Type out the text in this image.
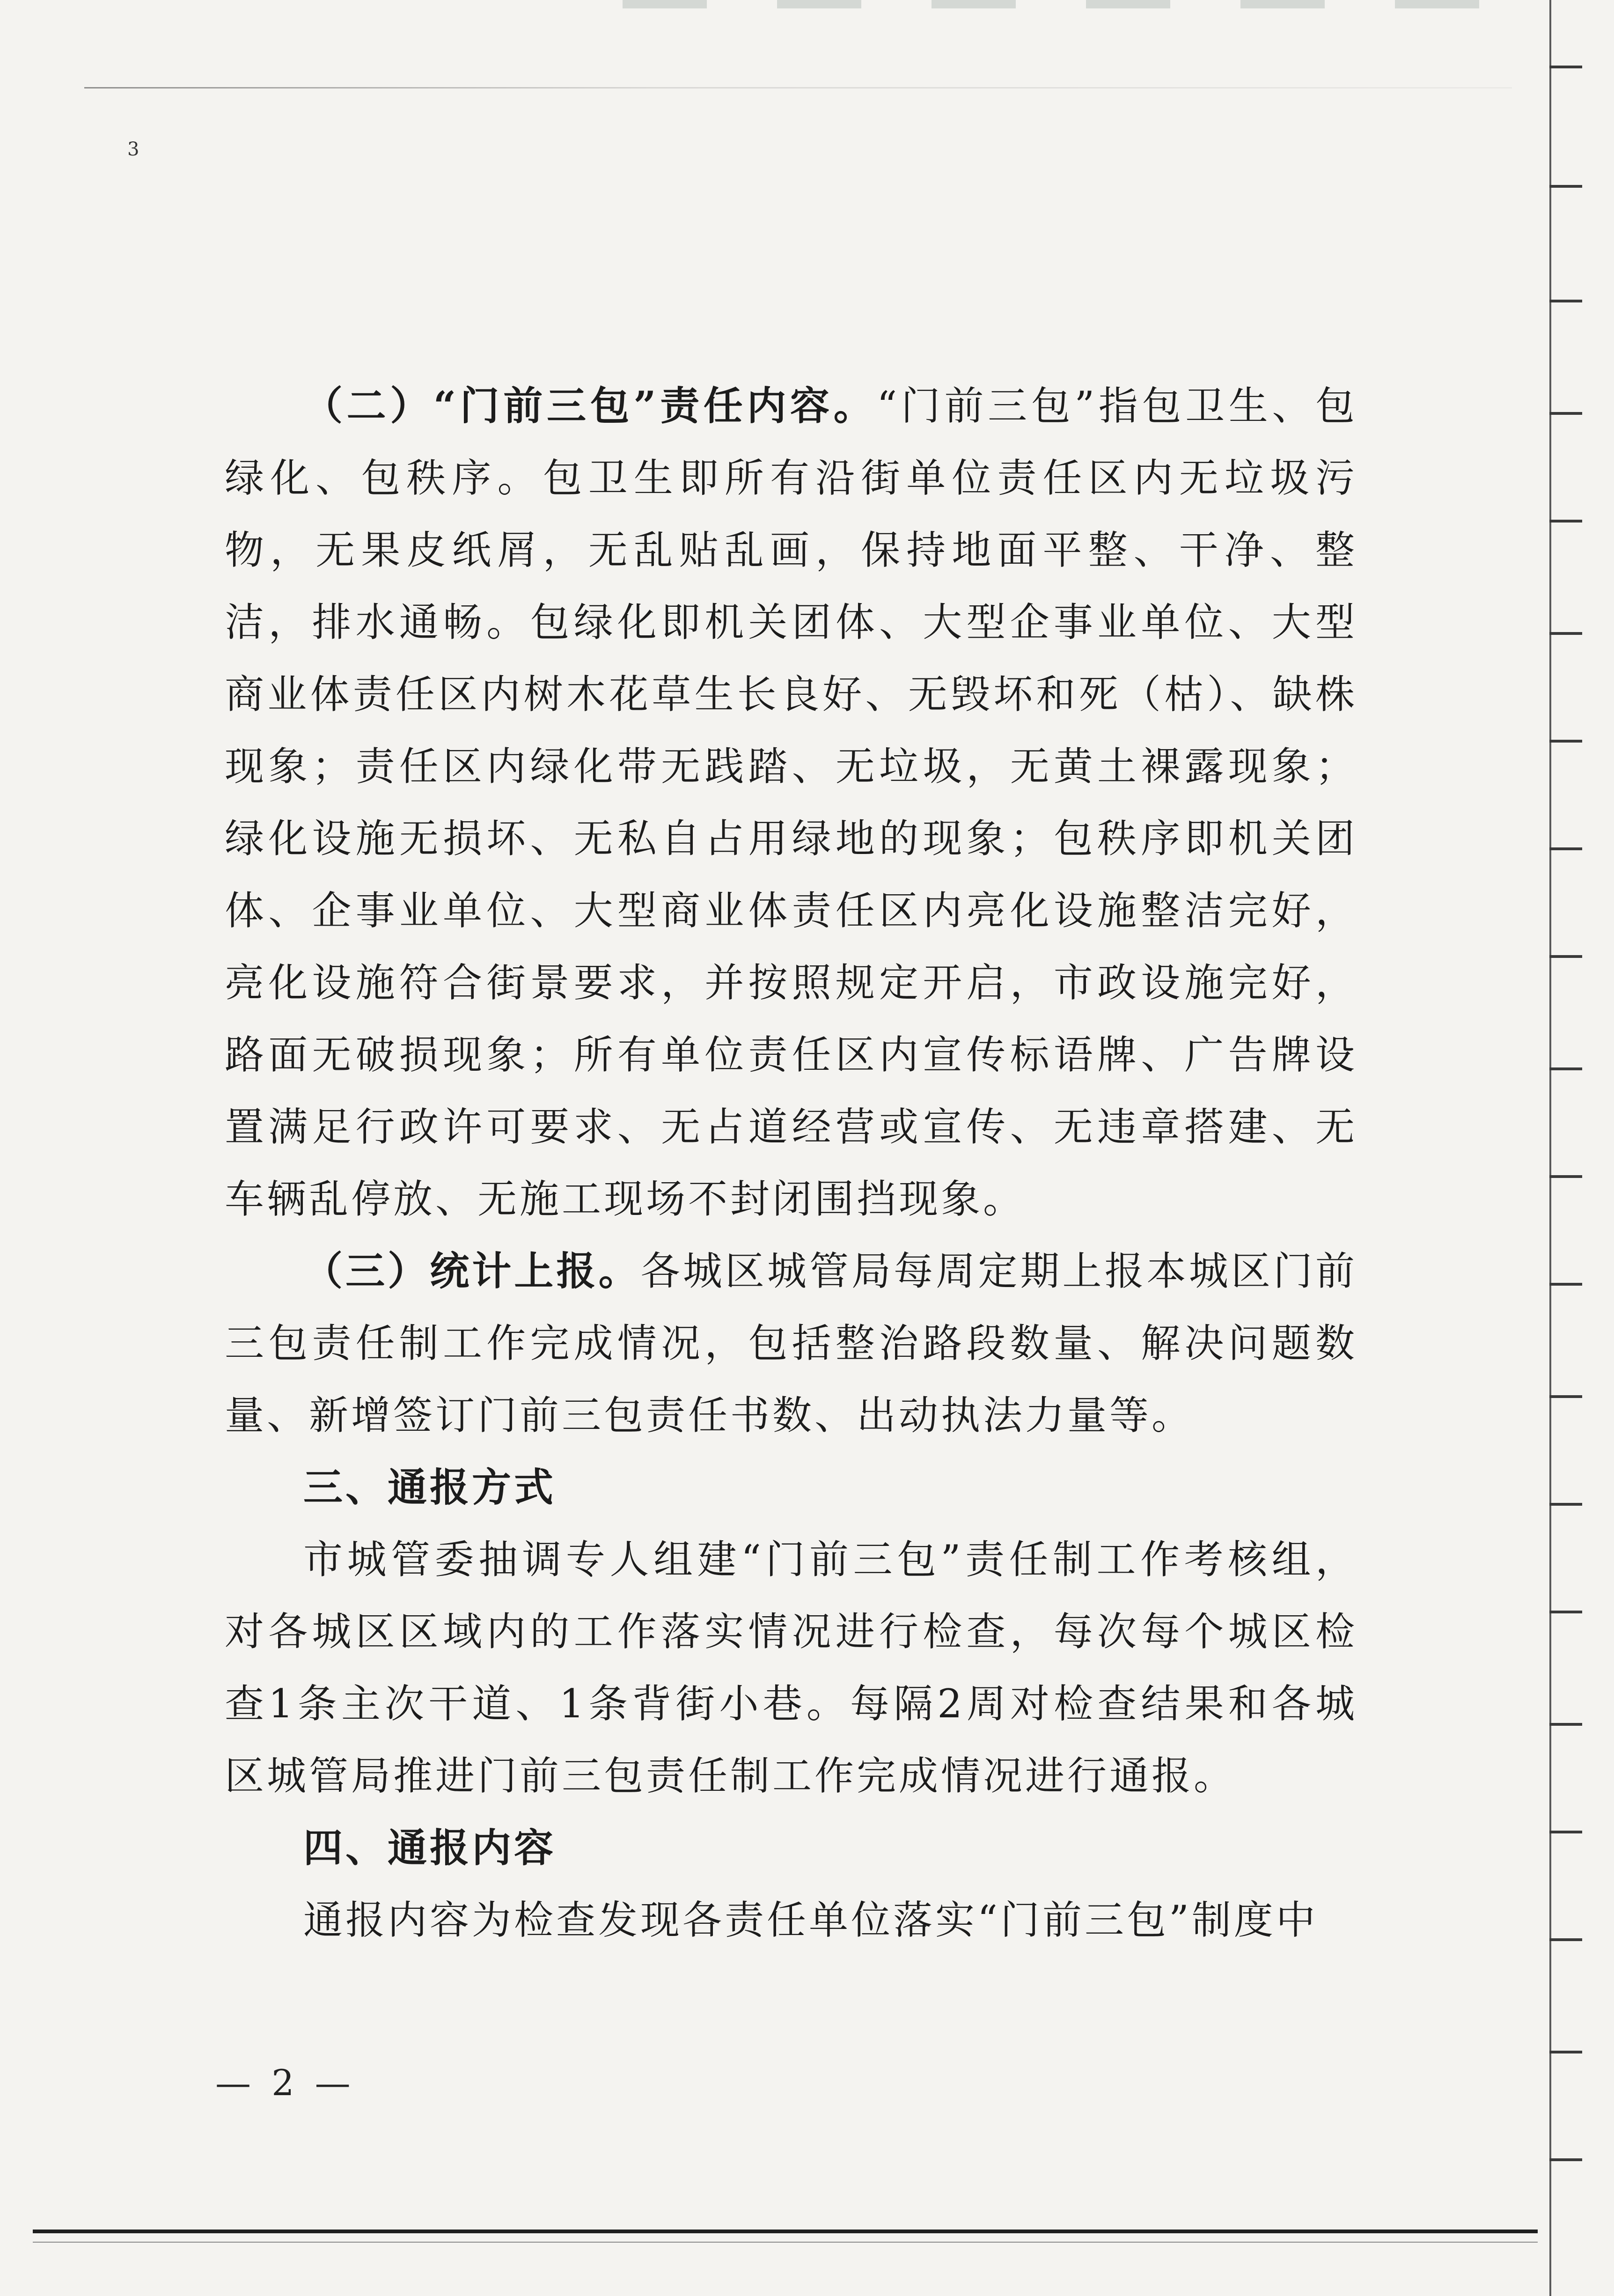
3

（二）“门前三包”责任内容。“门前三包”指包卫生、包绿化、包秩序。包卫生即所有沿街单位责任区内无垃圾污物，无果皮纸屑，无乱贴乱画，保持地面平整、干净、整洁，排水通畅。包绿化即机关团体、大型企事业单位、大型商业体责任区内树木花草生长良好、无毁坏和死（枯）、缺株现象；责任区内绿化带无践踏、无垃圾，无黄土裸露现象；绿化设施无损坏、无私自占用绿地的现象；包秩序即机关团体、企事业单位、大型商业体责任区内亮化设施整洁完好，亮化设施符合街景要求，并按照规定开启，市政设施完好，路面无破损现象；所有单位责任区内宣传标语牌、广告牌设置满足行政许可要求、无占道经营或宣传、无违章搭建、无车辆乱停放、无施工现场不封闭围挡现象。

（三）统计上报。各城区城管局每周定期上报本城区门前三包责任制工作完成情况，包括整治路段数量、解决问题数量、新增签订门前三包责任书数、出动执法力量等。

三、通报方式

市城管委抽调专人组建“门前三包”责任制工作考核组，对各城区区域内的工作落实情况进行检查，每次每个城区检查1条主次干道、1条背街小巷。每隔2周对检查结果和各城区城管局推进门前三包责任制工作完成情况进行通报。

四、通报内容

通报内容为检查发现各责任单位落实“门前三包”制度中

— 2 —
